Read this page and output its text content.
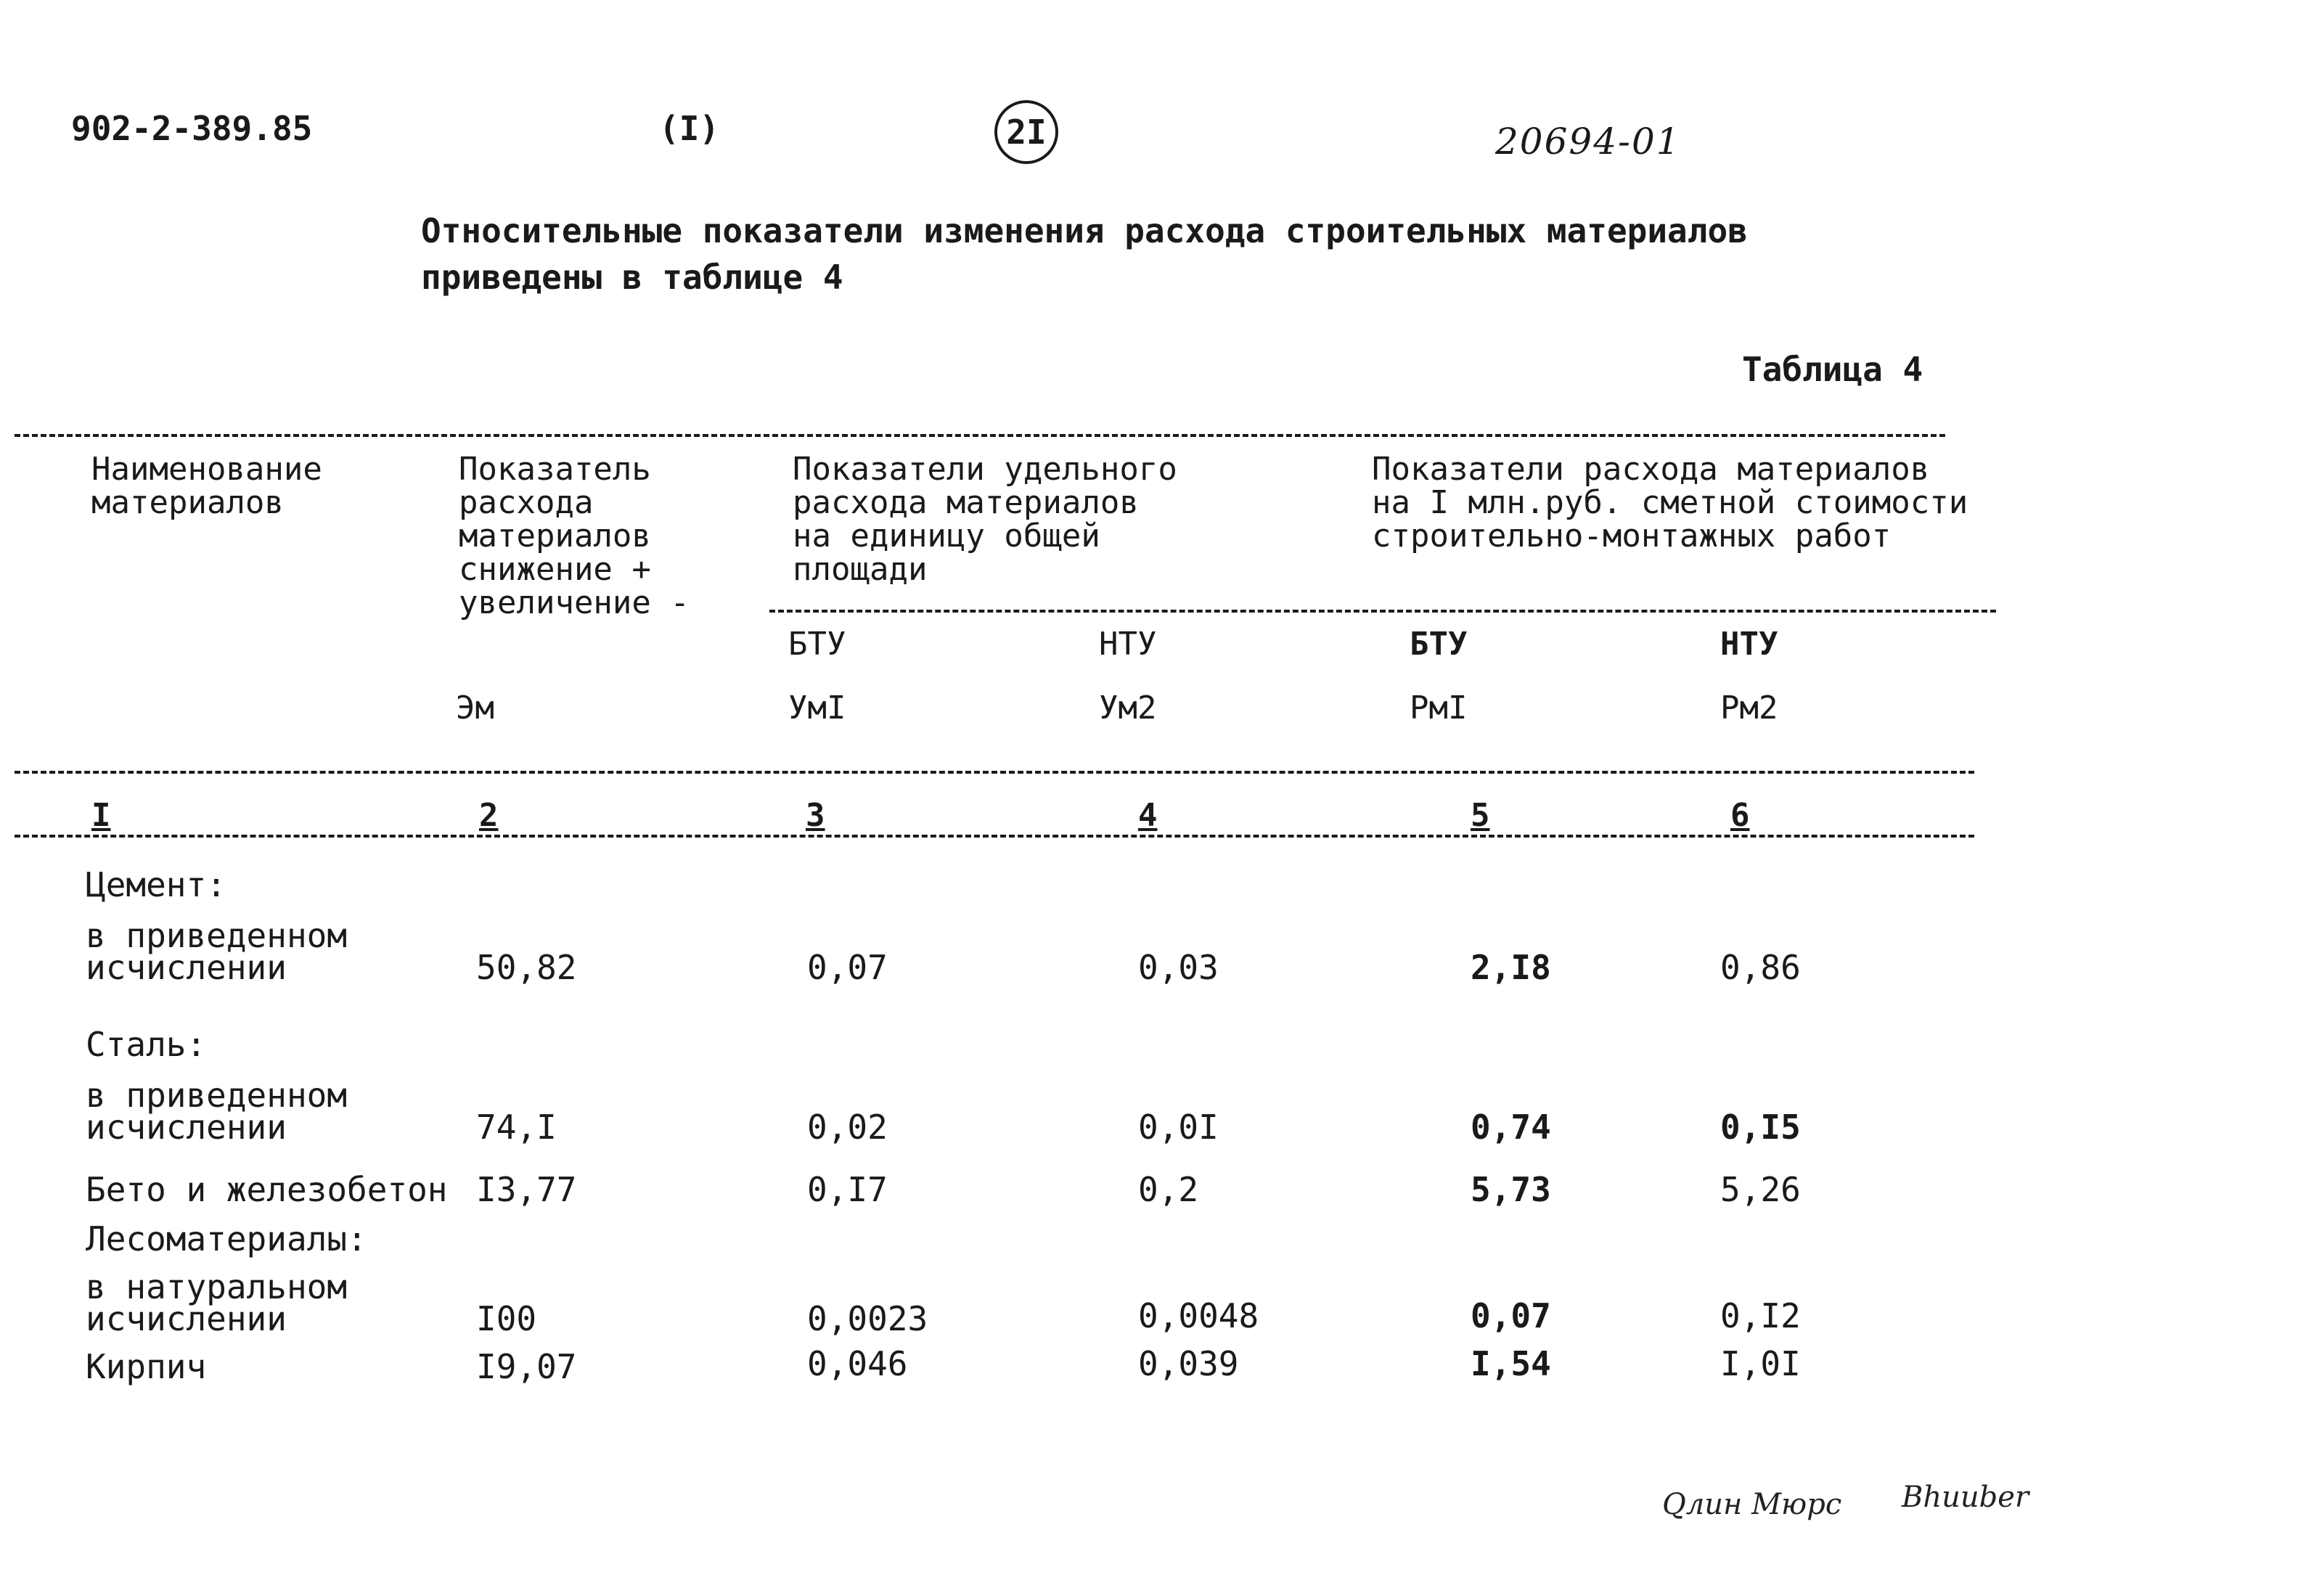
902-2-389.85	(I)	2I	20694-01
Относительные показатели изменения расхода строительных материалов
приведены в таблице 4
Таблица 4
Наименование
материалов
Показатель
расхода
материалов
снижение +
увеличение -
Показатели удельного
расхода материалов
на единицу общей
площади
Показатели расхода материалов
на I млн.руб. сметной стоимости
строительно-монтажных работ
БТУ	НТУ	БТУ	НТУ
Эм	УмI	Ум2	РмI	Рм2
I	2	3	4	5	6
Цемент:
в приведенном
исчислении	50,82	0,07	0,03	2,I8	0,86
Сталь:
в приведенном
исчислении	74,I	0,02	0,0I	0,74	0,I5
Бето и железобетон I3,77	0,I7	0,2	5,73	5,26
Лесоматериалы:
в натуральном
исчислении	I00	0,0023	0,0048	0,07	0,I2
Кирпич	I9,07	0,046	0,039	I,54	I,0I
Qлин Мюрс Bhuuber
